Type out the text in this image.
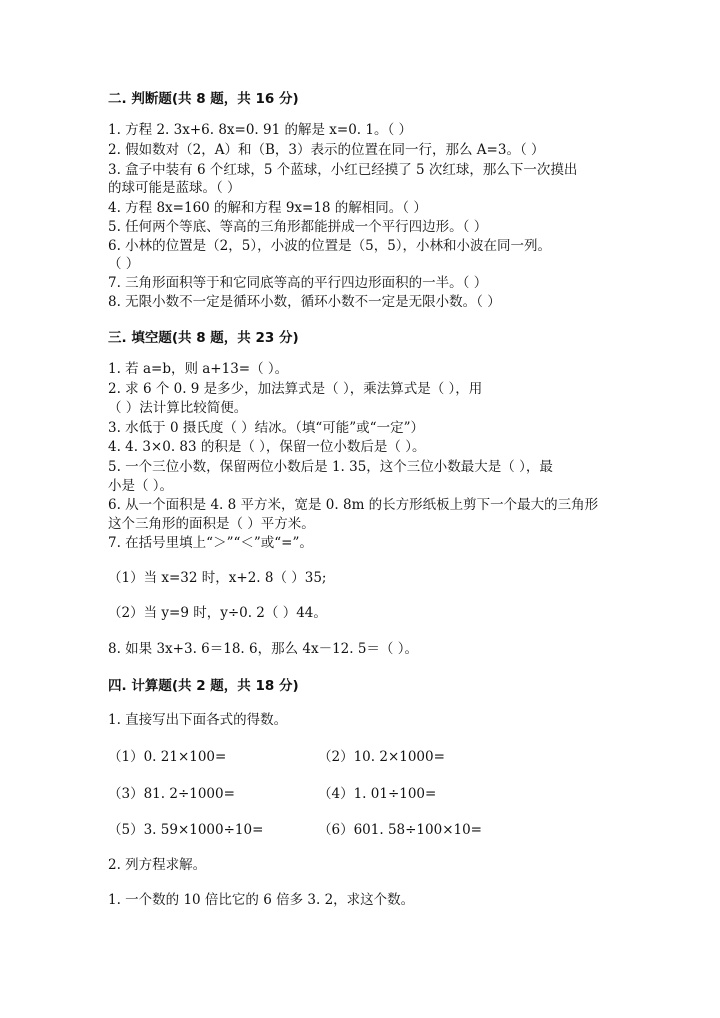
二. 判断题(共 8 题，共 16 分)
1. 方程 2. 3x+6. 8x=0. 91 的解是 x=0. 1。（ ）
2. 假如数对（2，A）和（B，3）表示的位置在同一行，那么 A=3。（ ）
3. 盒子中装有 6 个红球，5 个蓝球，小红已经摸了 5 次红球，那么下一次摸出
的球可能是蓝球。（ ）
4. 方程 8x=160 的解和方程 9x=18 的解相同。（ ）
5. 任何两个等底、等高的三角形都能拼成一个平行四边形。（ ）
6. 小林的位置是（2，5），小波的位置是（5，5），小林和小波在同一列。
（ ）
7. 三角形面积等于和它同底等高的平行四边形面积的一半。（ ）
8. 无限小数不一定是循环小数，循环小数不一定是无限小数。（ ）
三. 填空题(共 8 题，共 23 分)
1. 若 a=b，则 a+13=（ ）。
2. 求 6 个 0. 9 是多少，加法算式是（ ），乘法算式是（ ），用
（ ）法计算比较简便。
3. 水低于 0 摄氏度（ ）结冰。（填“可能”或“一定”）
4. 4. 3×0. 83 的积是（ ），保留一位小数后是（ ）。
5. 一个三位小数，保留两位小数后是 1. 35，这个三位小数最大是（ ），最
小是（ ）。
6. 从一个面积是 4. 8 平方米，宽是 0. 8m 的长方形纸板上剪下一个最大的三角形
这个三角形的面积是（ ）平方米。
7. 在括号里填上“＞”“＜”或“=”。
（1）当 x=32 时，x+2. 8（ ）35;
（2）当 y=9 时，y÷0. 2（ ）44。
8. 如果 3x+3. 6＝18. 6，那么 4x－12. 5＝（ ）。
四. 计算题(共 2 题，共 18 分)
1. 直接写出下面各式的得数。
（1）0. 21×100=	（2）10. 2×1000=
（3）81. 2÷1000=	（4）1. 01÷100=
（5）3. 59×1000÷10=	（6）601. 58÷100×10=
2. 列方程求解。
1. 一个数的 10 倍比它的 6 倍多 3. 2，求这个数。
